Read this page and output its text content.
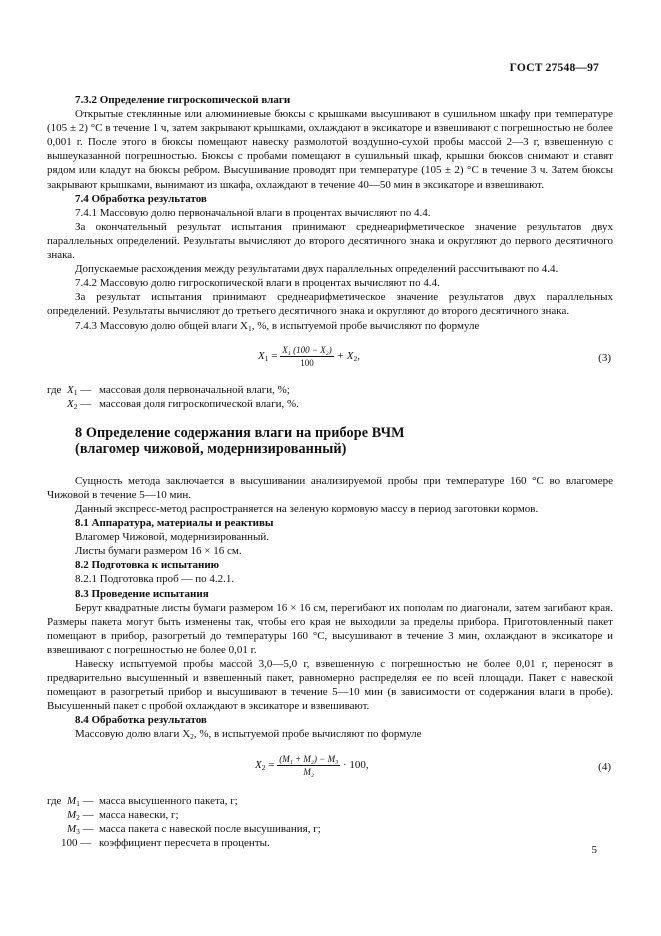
ГОСТ 27548—97

7.3.2 Определение гигроскопической влаги

Открытые стеклянные или алюминиевые бюксы с крышками высушивают в сушильном шкафу при температуре (105 ± 2) °С в течение 1 ч, затем закрывают крышками, охлаждают в эксикаторе и взвешивают с погрешностью не более 0,001 г. После этого в бюксы помещают навеску размолотой воздушно-сухой пробы массой 2—3 г, взвешенную с вышеуказанной погрешностью. Бюксы с пробами помещают в сушильный шкаф, крышки бюксов снимают и ставят рядом или кладут на бюксы ребром. Высушивание проводят при температуре (105 ± 2) °С в течение 3 ч. Затем бюксы закрывают крышками, вынимают из шкафа, охлаждают в течение 40—50 мин в эксикаторе и взвешивают.

7.4 Обработка результатов

7.4.1 Массовую долю первоначальной влаги в процентах вычисляют по 4.4.

За окончательный результат испытания принимают среднеарифметическое значение результатов двух параллельных определений. Результаты вычисляют до второго десятичного знака и округляют до первого десятичного знака.

Допускаемые расхождения между результатами двух параллельных определений рассчитывают по 4.4.

7.4.2 Массовую долю гигроскопической влаги в процентах вычисляют по 4.4.

За результат испытания принимают среднеарифметическое значение результатов двух параллельных определений. Результаты вычисляют до третьего десятичного знака и округляют до второго десятичного знака.

7.4.3 Массовую долю общей влаги $X_1$, %, в испытуемой пробе вычисляют по формуле

$X_1 = \frac{\text{X₁ (100 − X₂)}}{100} + X_2$,	(3)
где $X_1$ — массовая доля первоначальной влаги, %;
$X_2$ — массовая доля гигроскопической влаги, %.
8 Определение содержания влаги на приборе ВЧМ
(влагомер чижовой, модернизированный)

Сущность метода заключается в высушивании анализируемой пробы при температуре 160 °С во влагомере Чижовой в течение 5—10 мин.

Данный экспресс-метод распространяется на зеленую кормовую массу в период заготовки кормов.

8.1 Аппаратура, материалы и реактивы

Влагомер Чижовой, модернизированный.

Листы бумаги размером 16 × 16 см.

8.2 Подготовка к испытанию

8.2.1 Подготовка проб — по 4.2.1.

8.3 Проведение испытания

Берут квадратные листы бумаги размером 16 × 16 см, перегибают их пополам по диагонали, затем загибают края. Размеры пакета могут быть изменены так, чтобы его края не выходили за пределы прибора. Приготовленный пакет помещают в прибор, разогретый до температуры 160 °С, высушивают в течение 3 мин, охлаждают в эксикаторе и взвешивают с погрешностью не более 0,01 г.

Навеску испытуемой пробы массой 3,0—5,0 г, взвешенную с погрешностью не более 0,01 г, переносят в предварительно высушенный и взвешенный пакет, равномерно распределяя ее по всей площади. Пакет с навеской помещают в разогретый прибор и высушивают в течение 5—10 мин (в зависимости от содержания влаги в пробе). Высушенный пакет с пробой охлаждают в эксикаторе и взвешивают.

8.4 Обработка результатов

Массовую долю влаги $X_2$, %, в испытуемой пробе вычисляют по формуле

$X_2 = \frac{\text{(M₁ + M₂) − M₃}}{\text{M₂}} \cdot 100$,	(4)
где $M_1$ — масса высушенного пакета, г;
$M_2$ — масса навески, г;
$M_3$ — масса пакета с навеской после высушивания, г;
100 — коэффициент пересчета в проценты.
5
